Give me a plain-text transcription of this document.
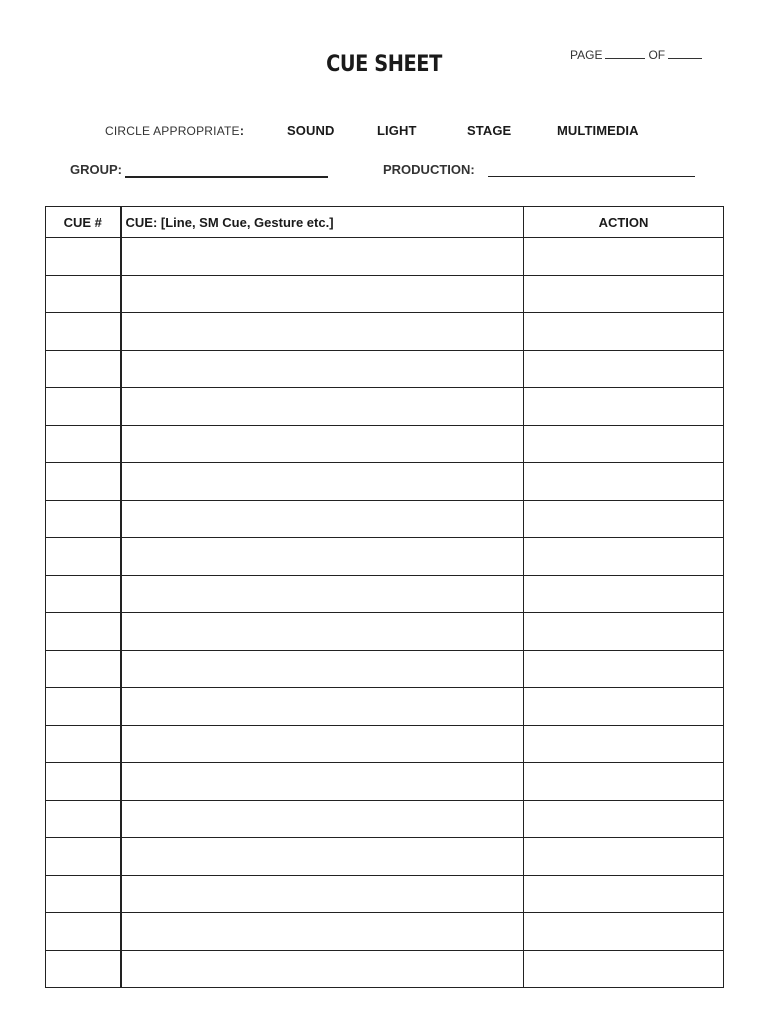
CUE SHEET	PAGE	OF
CIRCLE APPROPRIATE:	SOUND	LIGHT	STAGE	MULTIMEDIA
GROUP:	PRODUCTION:
CUE #	CUE: [Line, SM Cue, Gesture etc.]	ACTION
